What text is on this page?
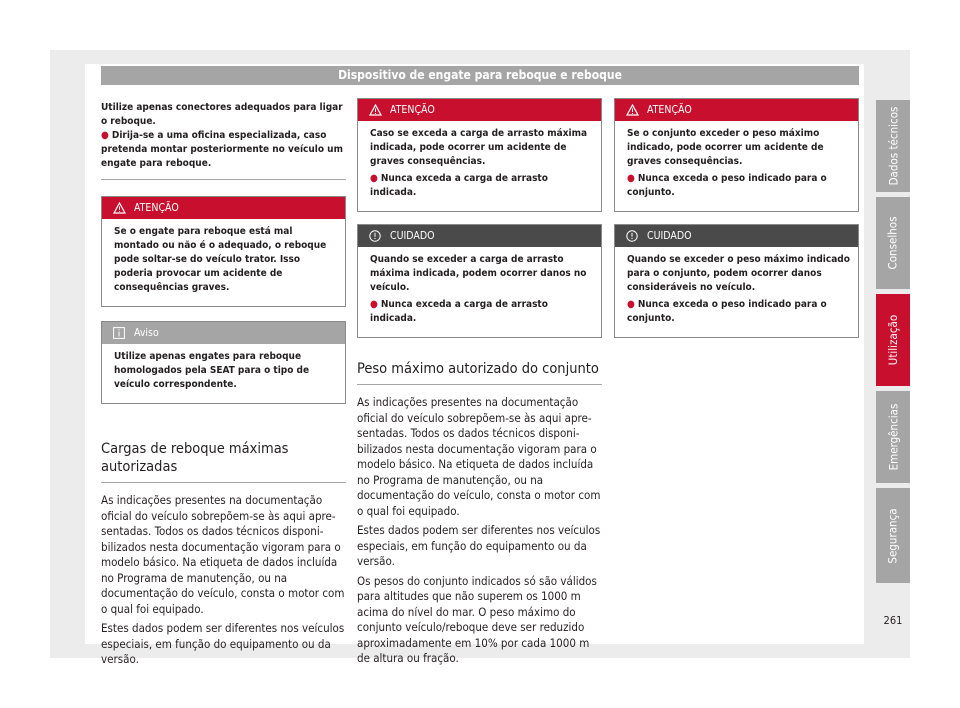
Dispositivo de engate para reboque e reboque

Utilize apenas conectores adequados para ligar o reboque.

● Dirija-se a uma oficina especializada, caso pretenda montar posteriormente no veículo um engate para reboque.

ATENÇÃO

Se o engate para reboque está mal montado ou não é o adequado, o reboque pode soltar-se do veículo trator. Isso poderia provocar um acidente de consequências graves.

Aviso

Utilize apenas engates para reboque homologados pela SEAT para o tipo de veículo correspondente.

Cargas de reboque máximas autorizadas

As indicações presentes na documentação oficial do veículo sobrepõem-se às aqui apresentadas. Todos os dados técnicos disponibilizados nesta documentação vigoram para o modelo básico. Na etiqueta de dados incluída no Programa de manutenção, ou na documentação do veículo, consta o motor com o qual foi equipado.

Estes dados podem ser diferentes nos veículos especiais, em função do equipamento ou da versão.

ATENÇÃO

Caso se exceda a carga de arrasto máxima indicada, pode ocorrer um acidente de graves consequências.

● Nunca exceda a carga de arrasto indicada.

CUIDADO

Quando se exceder a carga de arrasto máxima indicada, podem ocorrer danos no veículo.

● Nunca exceda a carga de arrasto indicada.

Peso máximo autorizado do conjunto

As indicações presentes na documentação oficial do veículo sobrepõem-se às aqui apresentadas. Todos os dados técnicos disponibilizados nesta documentação vigoram para o modelo básico. Na etiqueta de dados incluída no Programa de manutenção, ou na documentação do veículo, consta o motor com o qual foi equipado.

Estes dados podem ser diferentes nos veículos especiais, em função do equipamento ou da versão.

Os pesos do conjunto indicados só são válidos para altitudes que não superem os 1000 m acima do nível do mar. O peso máximo do conjunto veículo/reboque deve ser reduzido aproximadamente em 10% por cada 1000 m de altura ou fração.

ATENÇÃO

Se o conjunto exceder o peso máximo indicado, pode ocorrer um acidente de graves consequências.

● Nunca exceda o peso indicado para o conjunto.

CUIDADO

Quando se exceder o peso máximo indicado para o conjunto, podem ocorrer danos consideráveis no veículo.

● Nunca exceda o peso indicado para o conjunto.

Dados técnicos
Conselhos
Utilização
Emergências
Segurança
261
